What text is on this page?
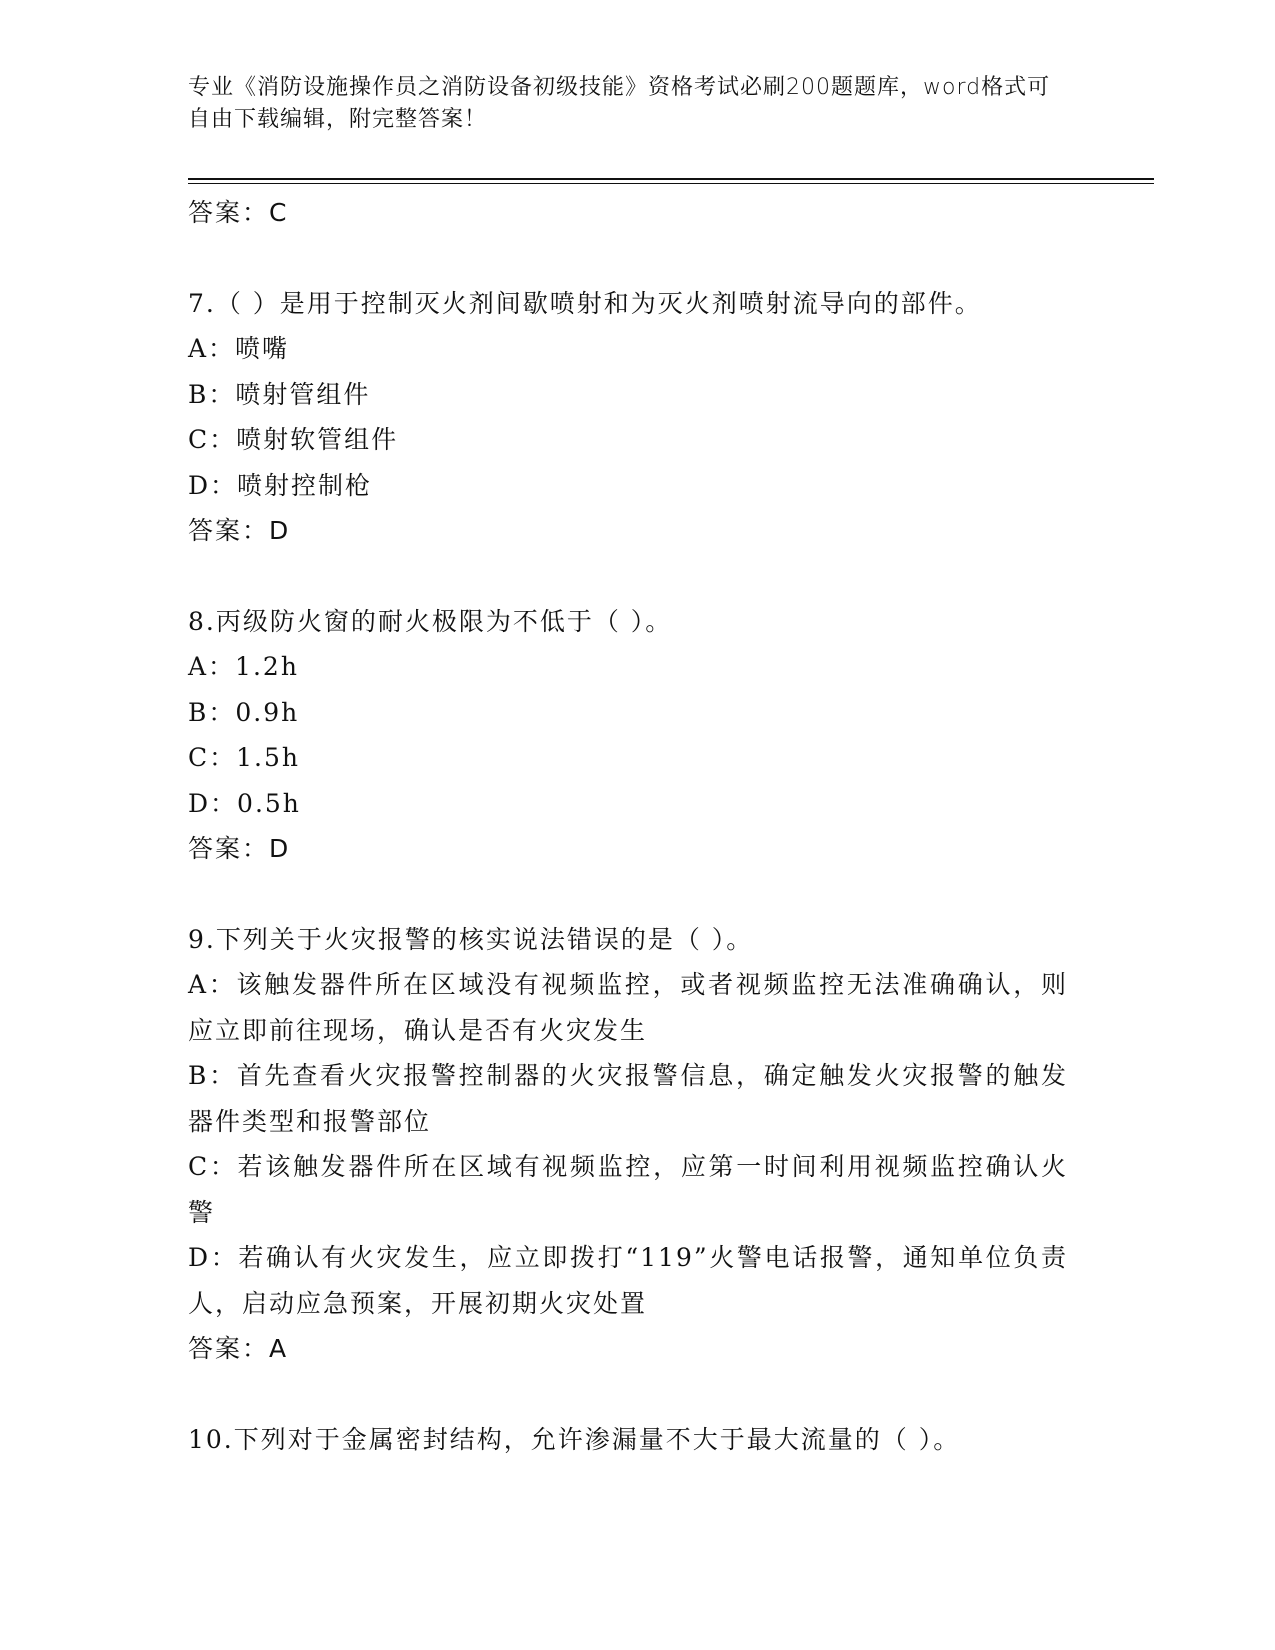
专业《消防设施操作员之消防设备初级技能》资格考试必刷200题题库，word格式可自由下载编辑，附完整答案！

答案：C

7.（ ）是用于控制灭火剂间歇喷射和为灭火剂喷射流导向的部件。

A：喷嘴

B：喷射管组件

C：喷射软管组件

D：喷射控制枪

答案：D

8.丙级防火窗的耐火极限为不低于（ ）。

A：1.2h

B：0.9h

C：1.5h

D：0.5h

答案：D

9.下列关于火灾报警的核实说法错误的是（ ）。

A：该触发器件所在区域没有视频监控，或者视频监控无法准确确认，则应立即前往现场，确认是否有火灾发生

B：首先查看火灾报警控制器的火灾报警信息，确定触发火灾报警的触发器件类型和报警部位

C：若该触发器件所在区域有视频监控，应第一时间利用视频监控确认火警

D：若确认有火灾发生，应立即拨打“119”火警电话报警，通知单位负责人，启动应急预案，开展初期火灾处置

答案：A

10.下列对于金属密封结构，允许渗漏量不大于最大流量的（ ）。
